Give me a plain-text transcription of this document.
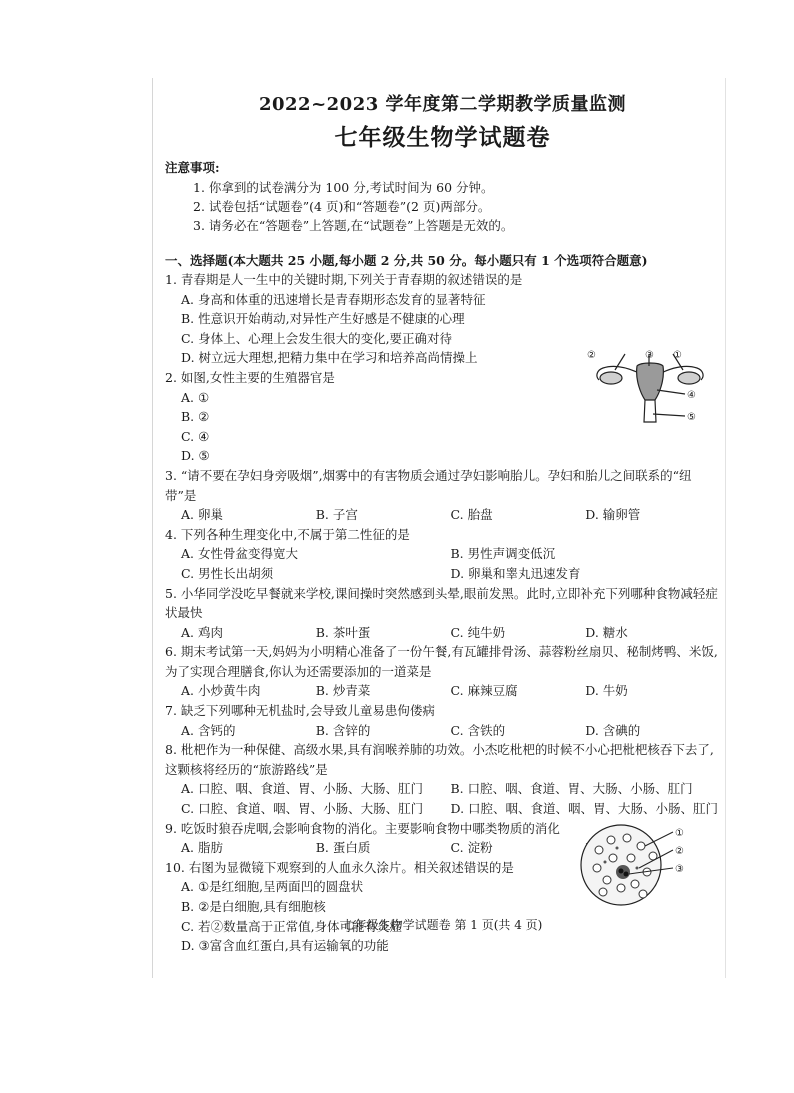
2022~2023 学年度第二学期教学质量监测
七年级生物学试题卷
注意事项:
1. 你拿到的试卷满分为 100 分,考试时间为 60 分钟。
2. 试卷包括“试题卷”(4 页)和“答题卷”(2 页)两部分。
3. 请务必在“答题卷”上答题,在“试题卷”上答题是无效的。
一、选择题(本大题共 25 小题,每小题 2 分,共 50 分。每小题只有 1 个选项符合题意)
1. 青春期是人一生中的关键时期,下列关于青春期的叙述错误的是
A. 身高和体重的迅速增长是青春期形态发育的显著特征
B. 性意识开始萌动,对异性产生好感是不健康的心理
C. 身体上、心理上会发生很大的变化,要正确对待
D. 树立远大理想,把精力集中在学习和培养高尚情操上
2. 如图,女性主要的生殖器官是
A. ①
B. ②
C. ④
D. ⑤
3. “请不要在孕妇身旁吸烟”,烟雾中的有害物质会通过孕妇影响胎儿。孕妇和胎儿之间联系的“纽带”是
A. 卵巢	B. 子宫	C. 胎盘	D. 输卵管
4. 下列各种生理变化中,不属于第二性征的是
A. 女性骨盆变得宽大	B. 男性声调变低沉
C. 男性长出胡须	D. 卵巢和睾丸迅速发育
5. 小华同学没吃早餐就来学校,课间操时突然感到头晕,眼前发黑。此时,立即补充下列哪种食物减轻症状最快
A. 鸡肉	B. 茶叶蛋	C. 纯牛奶	D. 糖水
6. 期末考试第一天,妈妈为小明精心准备了一份午餐,有瓦罐排骨汤、蒜蓉粉丝扇贝、秘制烤鸭、米饭,为了实现合理膳食,你认为还需要添加的一道菜是
A. 小炒黄牛肉	B. 炒青菜	C. 麻辣豆腐	D. 牛奶
7. 缺乏下列哪种无机盐时,会导致儿童易患佝偻病
A. 含钙的	B. 含锌的	C. 含铁的	D. 含碘的
8. 枇杷作为一种保健、高级水果,具有润喉养肺的功效。小杰吃枇杷的时候不小心把枇杷核吞下去了,这颗核将经历的“旅游路线”是
A. 口腔、咽、食道、胃、小肠、大肠、肛门	B. 口腔、咽、食道、胃、大肠、小肠、肛门
C. 口腔、食道、咽、胃、小肠、大肠、肛门	D. 口腔、咽、食道、咽、胃、大肠、小肠、肛门
9. 吃饭时狼吞虎咽,会影响食物的消化。主要影响食物中哪类物质的消化
A. 脂肪	B. 蛋白质	C. 淀粉
10. 右图为显微镜下观察到的人血永久涂片。相关叙述错误的是
A. ①是红细胞,呈两面凹的圆盘状
B. ②是白细胞,具有细胞核
C. 若②数量高于正常值,身体可能有炎症
D. ③富含血红蛋白,具有运输氧的功能
七年级生物学试题卷 第 1 页(共 4 页)
②	③ ①
④
⑤
①
②
③
